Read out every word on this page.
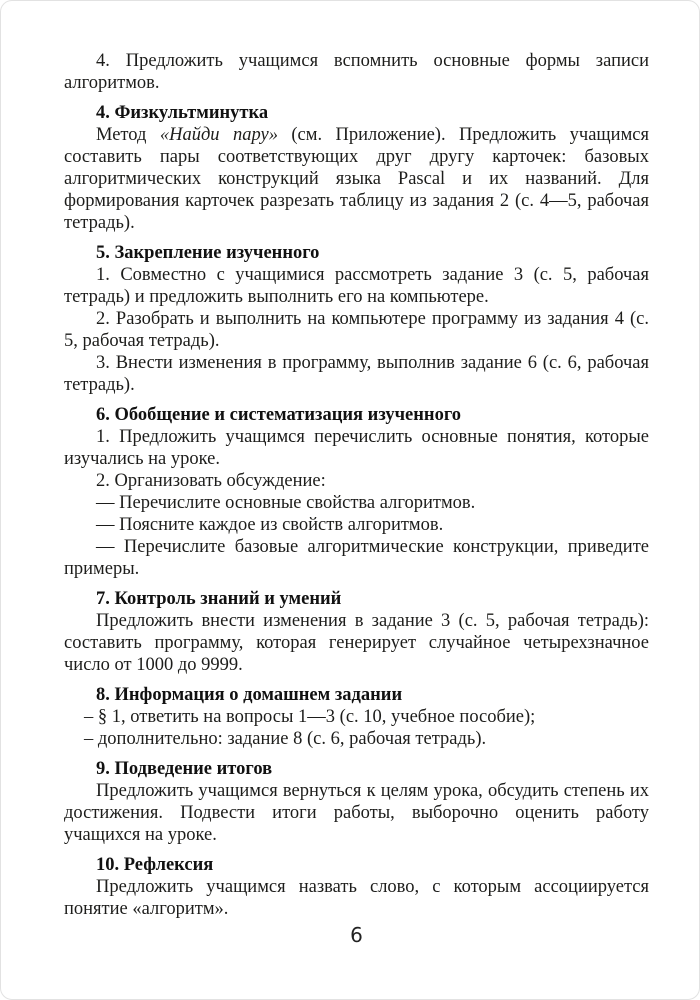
4. Предложить учащимся вспомнить основные формы записи алгоритмов.

4. Физкультминутка

Метод «Найди пару» (см. Приложение). Предложить учащимся составить пары соответствующих друг другу карточек: базовых алгоритмических конструкций языка Pascal и их названий. Для формирования карточек разрезать таблицу из задания 2 (с. 4—5, рабочая тетрадь).

5. Закрепление изученного

1. Совместно с учащимися рассмотреть задание 3 (с. 5, рабочая тетрадь) и предложить выполнить его на компьютере.

2. Разобрать и выполнить на компьютере программу из задания 4 (с. 5, рабочая тетрадь).

3. Внести изменения в программу, выполнив задание 6 (с. 6, рабочая тетрадь).

6. Обобщение и систематизация изученного

1. Предложить учащимся перечислить основные понятия, которые изучались на уроке.

2. Организовать обсуждение:

— Перечислите основные свойства алгоритмов.

— Поясните каждое из свойств алгоритмов.

— Перечислите базовые алгоритмические конструкции, приведите примеры.

7. Контроль знаний и умений

Предложить внести изменения в задание 3 (с. 5, рабочая тетрадь): составить программу, которая генерирует случайное четырехзначное число от 1000 до 9999.

8. Информация о домашнем задании

– § 1, ответить на вопросы 1—3 (с. 10, учебное пособие);

– дополнительно: задание 8 (с. 6, рабочая тетрадь).

9. Подведение итогов

Предложить учащимся вернуться к целям урока, обсудить степень их достижения. Подвести итоги работы, выборочно оценить работу учащихся на уроке.

10. Рефлексия

Предложить учащимся назвать слово, с которым ассоциируется понятие «алгоритм».

6
